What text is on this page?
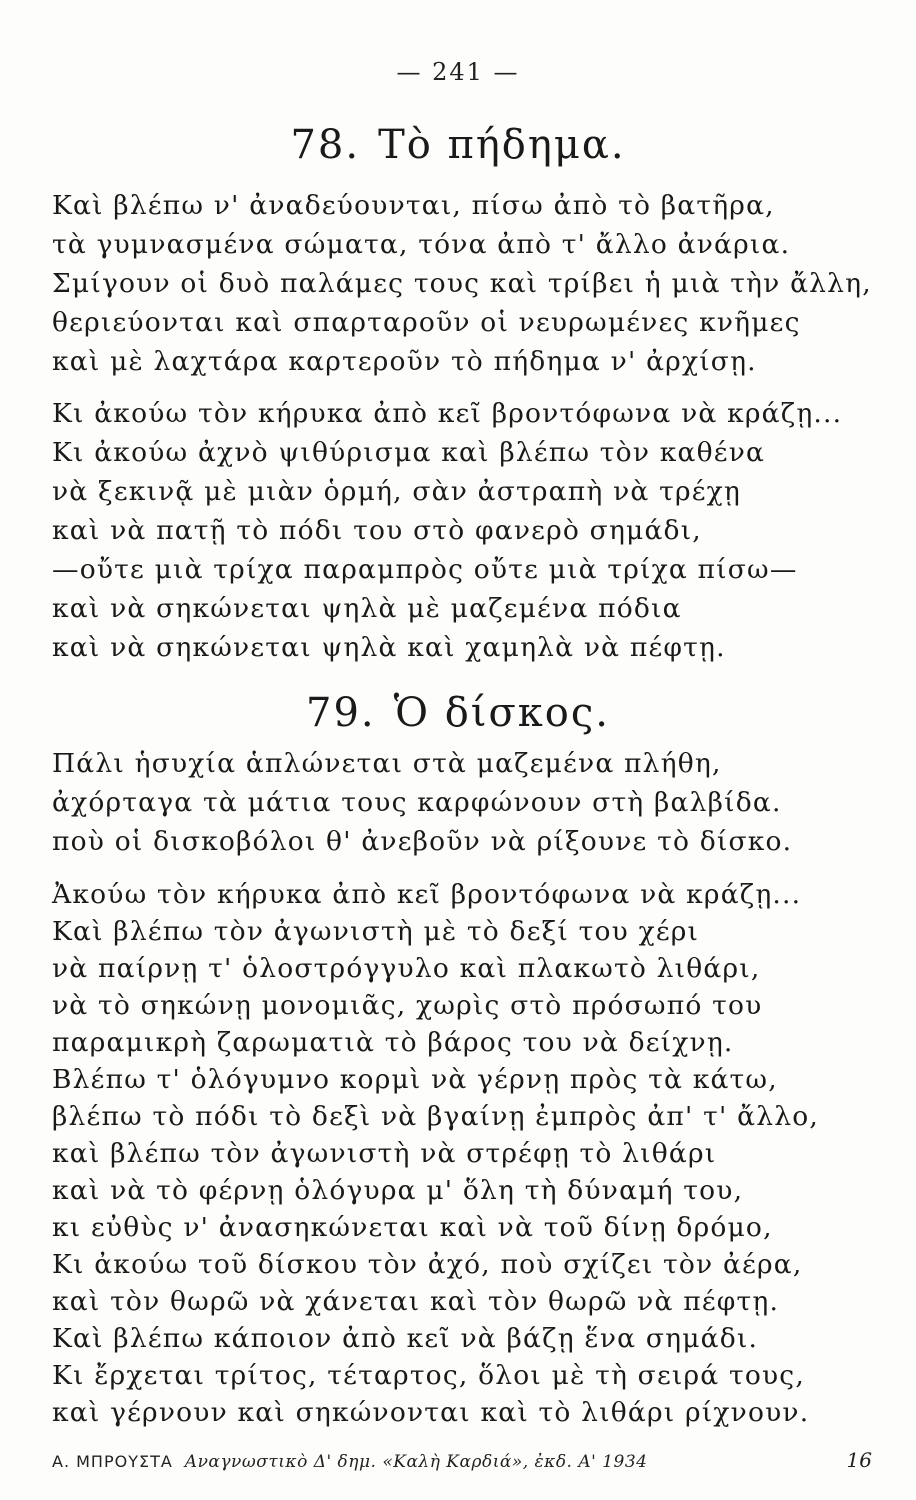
— 241 —
78. Τὸ πήδημα.
Καὶ βλέπω ν' ἀναδεύουνται, πίσω ἀπὸ τὸ βατῆρα,
τὰ γυμνασμένα σώματα, τόνα ἀπὸ τ' ἄλλο ἀνάρια.
Σμίγουν οἱ δυὸ παλάμες τους καὶ τρίβει ἡ μιὰ τὴν ἄλλη,
θεριεύονται καὶ σπαρταροῦν οἱ νευρωμένες κνῆμες
καὶ μὲ λαχτάρα καρτεροῦν τὸ πήδημα ν' ἀρχίσῃ.
Κι ἀκούω τὸν κήρυκα ἀπὸ κεῖ βροντόφωνα νὰ κράζῃ...
Κι ἀκούω ἀχνὸ ψιθύρισμα καὶ βλέπω τὸν καθένα
νὰ ξεκινᾷ μὲ μιὰν ὁρμή, σὰν ἀστραπὴ νὰ τρέχῃ
καὶ νὰ πατῇ τὸ πόδι του στὸ φανερὸ σημάδι,
—οὔτε μιὰ τρίχα παραμπρὸς οὔτε μιὰ τρίχα πίσω—
καὶ νὰ σηκώνεται ψηλὰ μὲ μαζεμένα πόδια
καὶ νὰ σηκώνεται ψηλὰ καὶ χαμηλὰ νὰ πέφτῃ.
79. Ὁ δίσκος.
Πάλι ἡσυχία ἁπλώνεται στὰ μαζεμένα πλήθη,
ἀχόρταγα τὰ μάτια τους καρφώνουν στὴ βαλβίδα.
ποὺ οἱ δισκοβόλοι θ' ἀνεβοῦν νὰ ρίξουνε τὸ δίσκο.
Ἀκούω τὸν κήρυκα ἀπὸ κεῖ βροντόφωνα νὰ κράζῃ...
Καὶ βλέπω τὸν ἀγωνιστὴ μὲ τὸ δεξί του χέρι
νὰ παίρνῃ τ' ὁλοστρόγγυλο καὶ πλακωτὸ λιθάρι,
νὰ τὸ σηκώνῃ μονομιᾶς, χωρὶς στὸ πρόσωπό του
παραμικρὴ ζαρωματιὰ τὸ βάρος του νὰ δείχνῃ.
Βλέπω τ' ὁλόγυμνο κορμὶ νὰ γέρνῃ πρὸς τὰ κάτω,
βλέπω τὸ πόδι τὸ δεξὶ νὰ βγαίνῃ ἐμπρὸς ἀπ' τ' ἄλλο,
καὶ βλέπω τὸν ἀγωνιστὴ νὰ στρέφῃ τὸ λιθάρι
καὶ νὰ τὸ φέρνῃ ὁλόγυρα μ' ὅλη τὴ δύναμή του,
κι εὐθὺς ν' ἀνασηκώνεται καὶ νὰ τοῦ δίνῃ δρόμο,
Κι ἀκούω τοῦ δίσκου τὸν ἀχό, ποὺ σχίζει τὸν ἀέρα,
καὶ τὸν θωρῶ νὰ χάνεται καὶ τὸν θωρῶ νὰ πέφτῃ.
Καὶ βλέπω κάποιον ἀπὸ κεῖ νὰ βάζῃ ἕνα σημάδι.
Κι ἔρχεται τρίτος, τέταρτος, ὅλοι μὲ τὴ σειρά τους,
καὶ γέρνουν καὶ σηκώνονται καὶ τὸ λιθάρι ρίχνουν.
Α. ΜΠΡΟΥΣΤΑ Αναγνωστικὸ Δ' δημ. «Καλὴ Καρδιά», ἐκδ. Α' 1934	16
